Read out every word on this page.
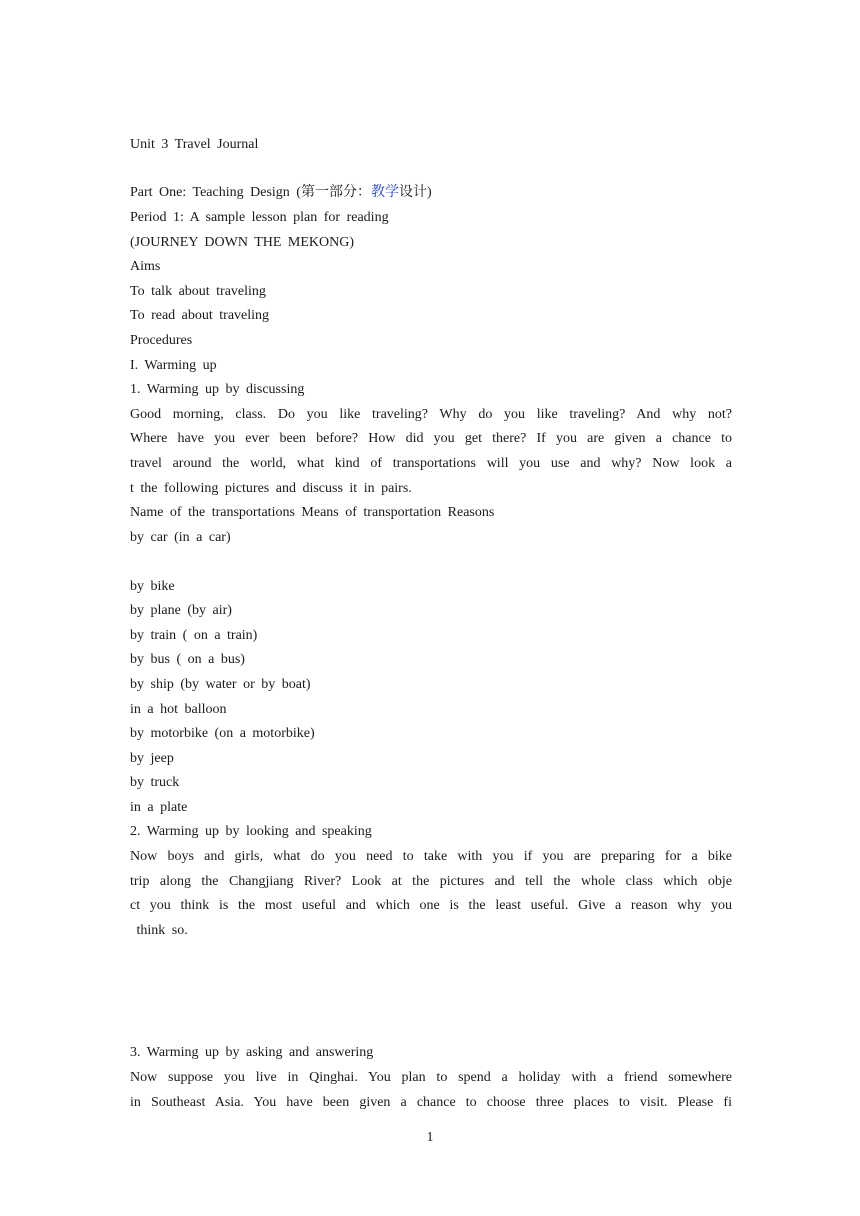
Unit 3 Travel Journal
Part One: Teaching Design (第一部分：教学设计)
Period 1: A sample lesson plan for reading
(JOURNEY DOWN THE MEKONG)
Aims
To talk about traveling
To read about traveling
Procedures
I. Warming up
1. Warming up by discussing
Good morning, class. Do you like traveling? Why do you like traveling? And why not?
Where have you ever been before? How did you get there? If you are given a chance to
travel around the world, what kind of transportations will you use and why? Now look a
t the following pictures and discuss it in pairs.
Name of the transportations Means of transportation Reasons
by car (in a car)
by bike
by plane (by air)
by train ( on a train)
by bus ( on a bus)
by ship (by water or by boat)
in a hot balloon
by motorbike (on a motorbike)
by jeep
by truck
in a plate
2. Warming up by looking and speaking
Now boys and girls, what do you need to take with you if you are preparing for a bike
trip along the Changjiang River? Look at the pictures and tell the whole class which obje
ct you think is the most useful and which one is the least useful. Give a reason why you
think so.
3. Warming up by asking and answering
Now suppose you live in Qinghai. You plan to spend a holiday with a friend somewhere
in Southeast Asia. You have been given a chance to choose three places to visit. Please fi
1
